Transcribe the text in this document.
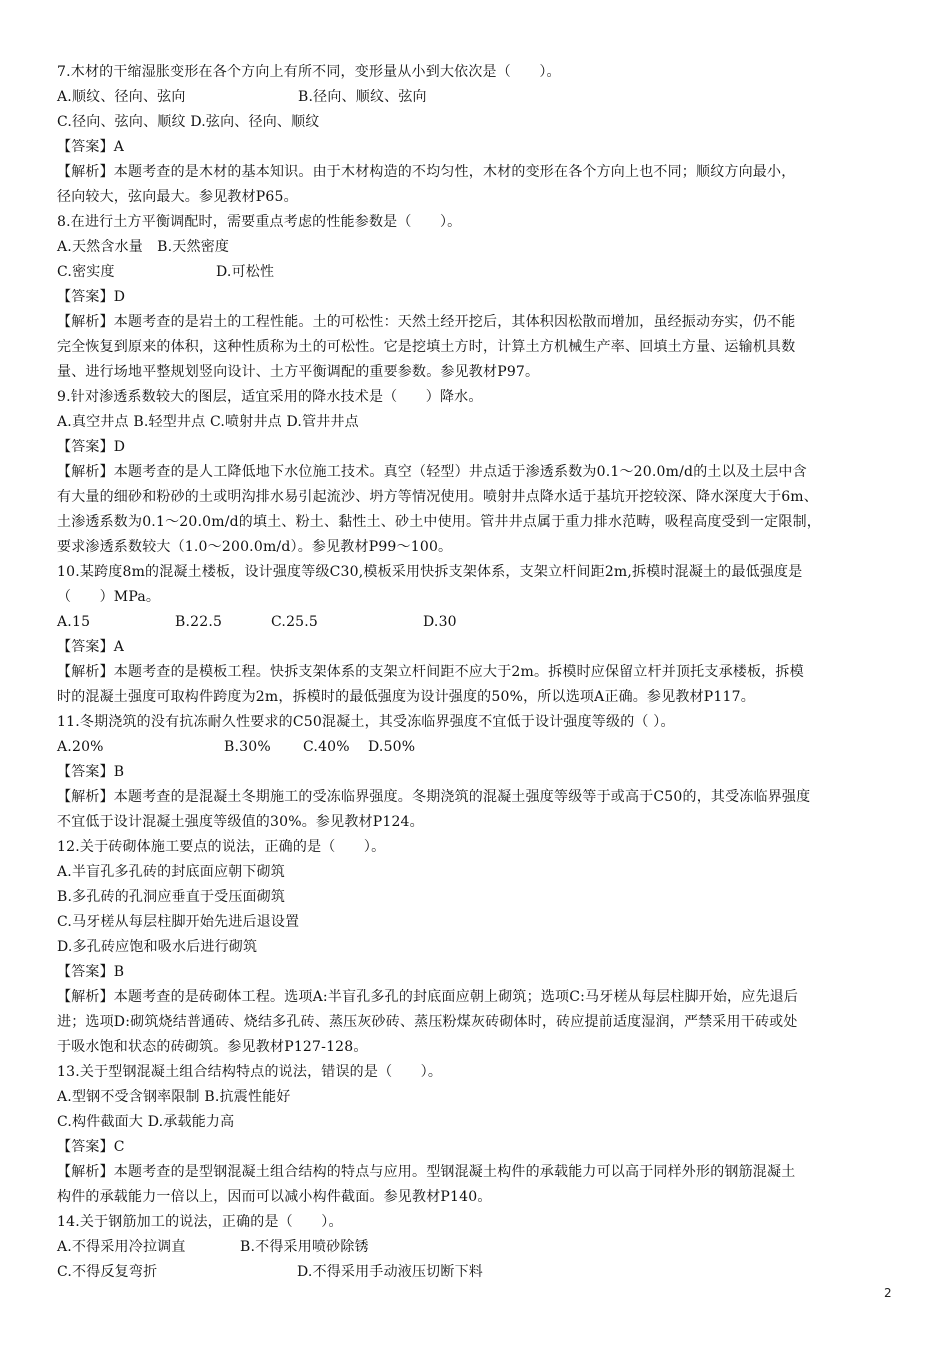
7.木材的干缩湿胀变形在各个方向上有所不同，变形量从小到大依次是（　　）。

A.顺纹、径向、弦向

	B.径向、顺纹、弦向

C.径向、弦向、顺纹 D.弦向、径向、顺纹
【答案】A
【解析】本题考查的是木材的基本知识。由于木材构造的不均匀性，木材的变形在各个方向上也不同；顺纹方向最小，
径向较大，弦向最大。参见教材P65。
8.在进行土方平衡调配时，需要重点考虑的性能参数是（　　）。
A.天然含水量　B.天然密度

C.密实度

	D.可松性

【答案】D
【解析】本题考查的是岩土的工程性能。土的可松性：天然土经开挖后，其体积因松散而增加，虽经振动夯实，仍不能
完全恢复到原来的体积，这种性质称为土的可松性。它是挖填土方时，计算土方机械生产率、回填土方量、运输机具数
量、进行场地平整规划竖向设计、土方平衡调配的重要参数。参见教材P97。
9.针对渗透系数较大的图层，适宜采用的降水技术是（　　）降水。
A.真空井点 B.轻型井点 C.喷射井点 D.管井井点
【答案】D
【解析】本题考查的是人工降低地下水位施工技术。真空（轻型）井点适于渗透系数为0.1～20.0m/d的土以及土层中含
有大量的细砂和粉砂的土或明沟排水易引起流沙、坍方等情况使用。喷射井点降水适于基坑开挖较深、降水深度大于6m、
土渗透系数为0.1～20.0m/d的填土、粉土、黏性土、砂土中使用。管井井点属于重力排水范畴，吸程高度受到一定限制，
要求渗透系数较大（1.0～200.0m/d）。参见教材P99～100。
10.某跨度8m的混凝土楼板，设计强度等级C30,模板采用快拆支架体系，支架立杆间距2m,拆模时混凝土的最低强度是
（　　）MPa。

A.15

	B.22.5

	C.25.5

	D.30

【答案】A
【解析】本题考查的是模板工程。快拆支架体系的支架立杆间距不应大于2m。拆模时应保留立杆并顶托支承楼板，拆模
时的混凝土强度可取构件跨度为2m，拆模时的最低强度为设计强度的50%，所以选项A正确。参见教材P117。
11.冬期浇筑的没有抗冻耐久性要求的C50混凝土，其受冻临界强度不宜低于设计强度等级的（ ）。

A.20%

	B.30%

C.40%

D.50%

【答案】B
【解析】本题考查的是混凝土冬期施工的受冻临界强度。冬期浇筑的混凝土强度等级等于或高于C50的，其受冻临界强度
不宜低于设计混凝土强度等级值的30%。参见教材P124。
12.关于砖砌体施工要点的说法，正确的是（　　）。
A.半盲孔多孔砖的封底面应朝下砌筑
B.多孔砖的孔洞应垂直于受压面砌筑
C.马牙槎从每层柱脚开始先进后退设置
D.多孔砖应饱和吸水后进行砌筑
【答案】B
【解析】本题考查的是砖砌体工程。选项A:半盲孔多孔的封底面应朝上砌筑；选项C:马牙槎从每层柱脚开始，应先退后
进；选项D:砌筑烧结普通砖、烧结多孔砖、蒸压灰砂砖、蒸压粉煤灰砖砌体时，砖应提前适度湿润，严禁采用干砖或处
于吸水饱和状态的砖砌筑。参见教材P127-128。
13.关于型钢混凝土组合结构特点的说法，错误的是（　　）。
A.型钢不受含钢率限制 B.抗震性能好
C.构件截面大 D.承载能力高
【答案】C
【解析】本题考查的是型钢混凝土组合结构的特点与应用。型钢混凝土构件的承载能力可以高于同样外形的钢筋混凝土
构件的承载能力一倍以上，因而可以减小构件截面。参见教材P140。
14.关于钢筋加工的说法，正确的是（　　）。

A.不得采用冷拉调直

	B.不得采用喷砂除锈

C.不得反复弯折

	D.不得采用手动液压切断下料

2
